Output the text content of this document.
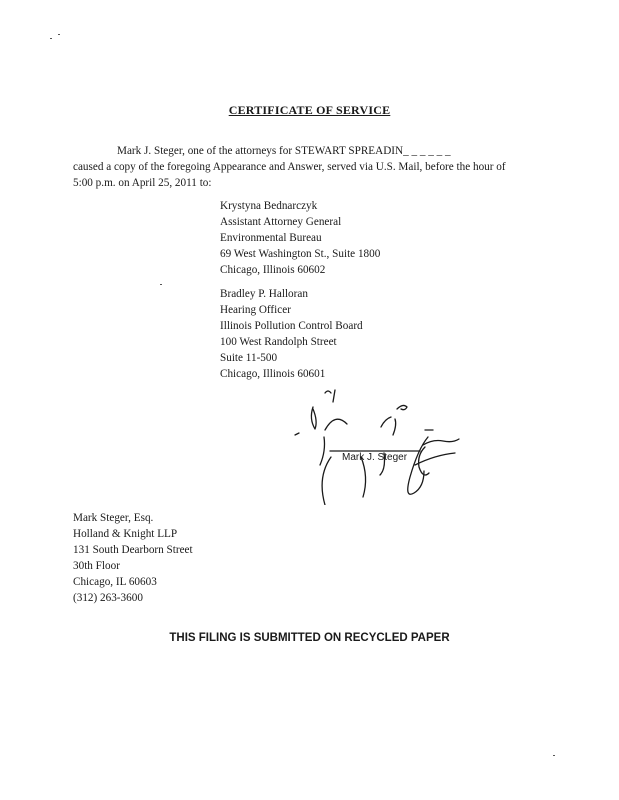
CERTIFICATE OF SERVICE
Mark J. Steger, one of the attorneys for STEWART SPREADIN_ _ _ _ _ _
caused a copy of the foregoing Appearance and Answer, served via U.S. Mail, before the hour of
5:00 p.m. on April 25, 2011 to:
Krystyna Bednarczyk
Assistant Attorney General
Environmental Bureau
69 West Washington St., Suite 1800
Chicago, Illinois 60602
Bradley P. Halloran
Hearing Officer
Illinois Pollution Control Board
100 West Randolph Street
Suite 11-500
Chicago, Illinois 60601
Mark J. Steger
Mark Steger, Esq.
Holland & Knight LLP
131 South Dearborn Street
30th Floor
Chicago, IL 60603
(312) 263-3600
THIS FILING IS SUBMITTED ON RECYCLED PAPER
